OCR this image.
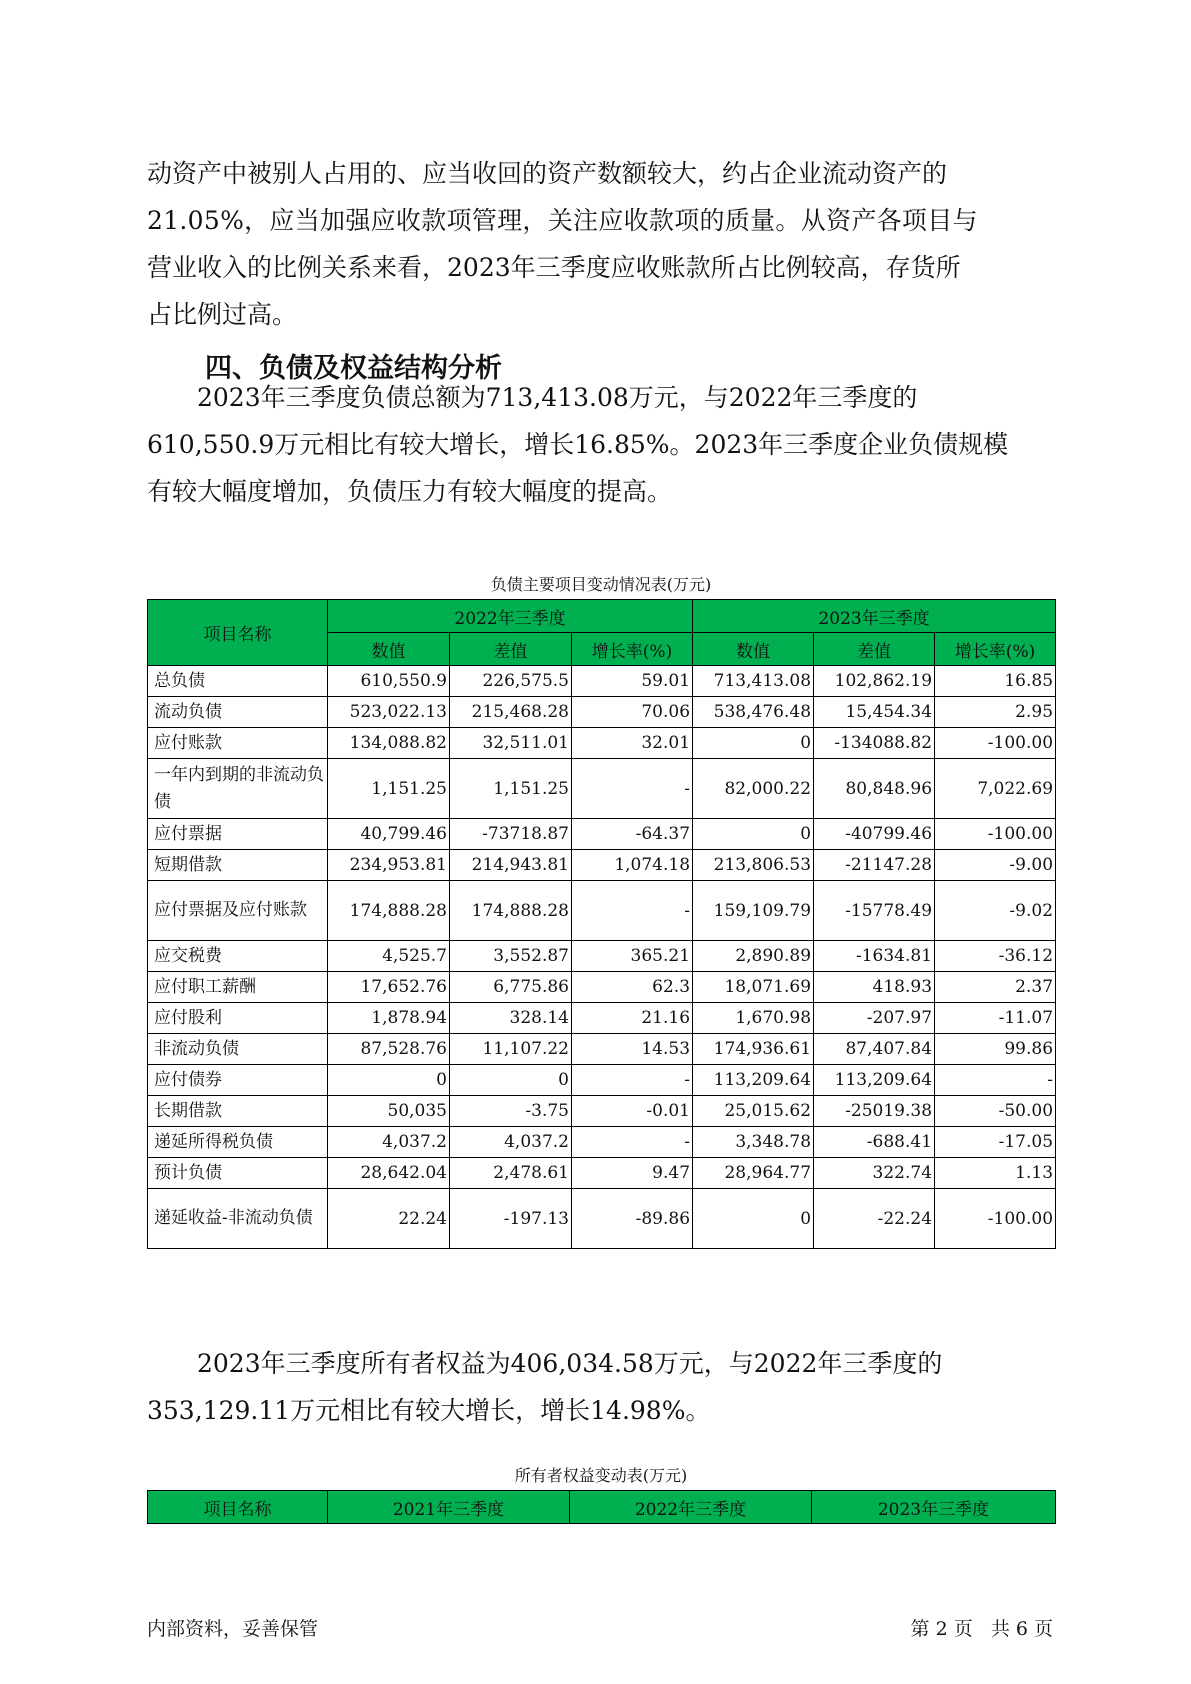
动资产中被别人占用的、应当收回的资产数额较大，约占企业流动资产的
21.05%，应当加强应收款项管理，关注应收款项的质量。从资产各项目与
营业收入的比例关系来看，2023年三季度应收账款所占比例较高，存货所
占比例过高。
四、负债及权益结构分析
2023年三季度负债总额为713,413.08万元，与2022年三季度的
610,550.9万元相比有较大增长，增长16.85%。2023年三季度企业负债规模
有较大幅度增加，负债压力有较大幅度的提高。
负债主要项目变动情况表(万元)
项目名称	2022年三季度			2023年三季度		
	数值	差值	增长率(%)	数值	差值	增长率(%)
总负债	610,550.9	226,575.5	59.01	713,413.08	102,862.19	16.85
流动负债	523,022.13	215,468.28	70.06	538,476.48	15,454.34	2.95
应付账款	134,088.82	32,511.01	32.01	0	-134088.82	-100.00
一年内到期的非流动负债	1,151.25	1,151.25	-	82,000.22	80,848.96	7,022.69
应付票据	40,799.46	-73718.87	-64.37	0	-40799.46	-100.00
短期借款	234,953.81	214,943.81	1,074.18	213,806.53	-21147.28	-9.00
应付票据及应付账款	174,888.28	174,888.28	-	159,109.79	-15778.49	-9.02
应交税费	4,525.7	3,552.87	365.21	2,890.89	-1634.81	-36.12
应付职工薪酬	17,652.76	6,775.86	62.3	18,071.69	418.93	2.37
应付股利	1,878.94	328.14	21.16	1,670.98	-207.97	-11.07
非流动负债	87,528.76	11,107.22	14.53	174,936.61	87,407.84	99.86
应付债券	0	0	-	113,209.64	113,209.64	-
长期借款	50,035	-3.75	-0.01	25,015.62	-25019.38	-50.00
递延所得税负债	4,037.2	4,037.2	-	3,348.78	-688.41	-17.05
预计负债	28,642.04	2,478.61	9.47	28,964.77	322.74	1.13
递延收益-非流动负债	22.24	-197.13	-89.86	0	-22.24	-100.00
2023年三季度所有者权益为406,034.58万元，与2022年三季度的
353,129.11万元相比有较大增长，增长14.98%。
所有者权益变动表(万元)
项目名称	2021年三季度	2022年三季度	2023年三季度
内部资料，妥善保管	第 2 页   共 6 页
